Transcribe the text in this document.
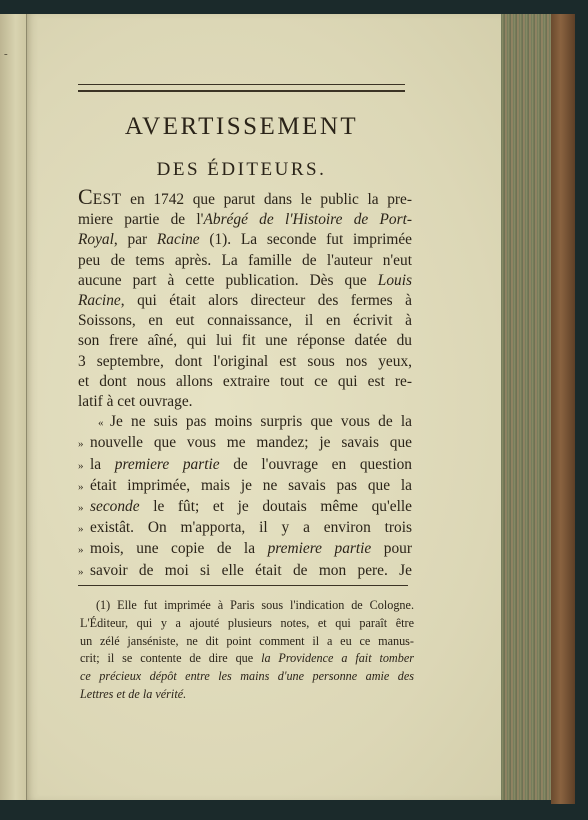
-
AVERTISSEMENT
DES ÉDITEURS.
CEST en 1742 que parut dans le public la pre-
miere partie de l'Abrégé de l'Histoire de Port-
Royal, par Racine (1). La seconde fut imprimée
peu de tems après. La famille de l'auteur n'eut
aucune part à cette publication. Dès que Louis
Racine, qui était alors directeur des fermes à
Soissons, en eut connaissance, il en écrivit à
son frere aîné, qui lui fit une réponse datée du
3 septembre, dont l'original est sous nos yeux,
et dont nous allons extraire tout ce qui est re-
latif à cet ouvrage.
« Je ne suis pas moins surpris que vous de la
» nouvelle que vous me mandez; je savais que
» la premiere partie de l'ouvrage en question
» était imprimée, mais je ne savais pas que la
» seconde le fût; et je doutais même qu'elle
» existât. On m'apporta, il y a environ trois
» mois, une copie de la premiere partie pour
» savoir de moi si elle était de mon pere. Je
(1) Elle fut imprimée à Paris sous l'indication de Cologne.
L'Éditeur, qui y a ajouté plusieurs notes, et qui paraît être
un zélé janséniste, ne dit point comment il a eu ce manus-
crit; il se contente de dire que la Providence a fait tomber
ce précieux dépôt entre les mains d'une personne amie des
Lettres et de la vérité.
